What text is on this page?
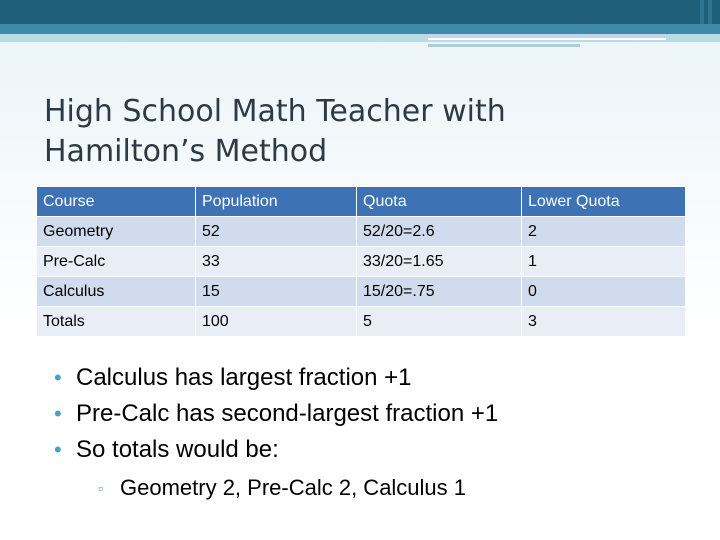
High School Math Teacher with Hamilton’s Method
Course	Population	Quota	Lower Quota
Geometry	52	52/20=2.6	2
Pre-Calc	33	33/20=1.65	1
Calculus	15	15/20=.75	0
Totals	100	5	3
• Calculus has largest fraction +1
• Pre-Calc has second-largest fraction +1
• So totals would be:
▫ Geometry 2, Pre-Calc 2, Calculus 1
